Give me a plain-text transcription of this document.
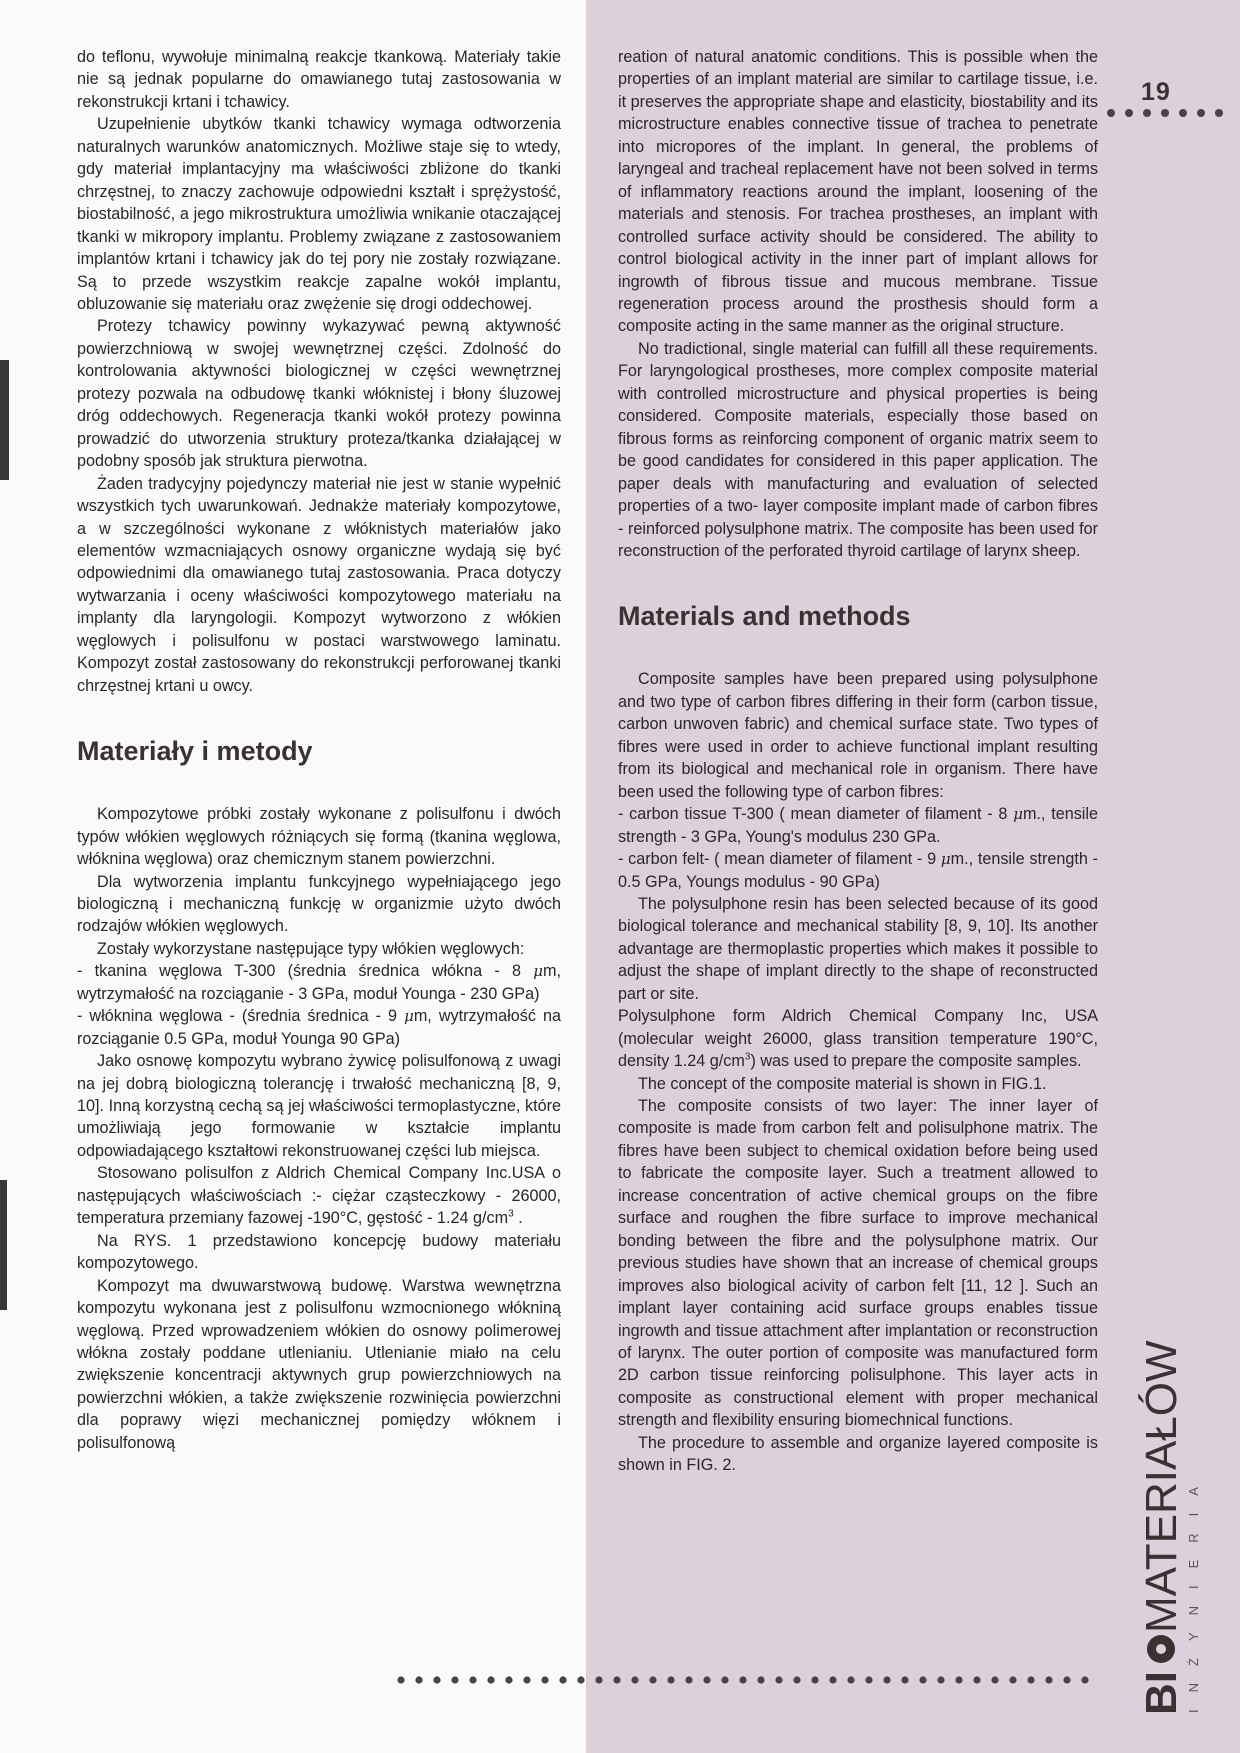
do teflonu, wywołuje minimalną reakcje tkankową. Materiały takie nie są jednak popularne do omawianego tutaj zastosowania w rekonstrukcji krtani i tchawicy.

Uzupełnienie ubytków tkanki tchawicy wymaga odtworzenia naturalnych warunków anatomicznych. Możliwe staje się to wtedy, gdy materiał implantacyjny ma właściwości zbliżone do tkanki chrzęstnej, to znaczy zachowuje odpowiedni kształt i sprężystość, biostabilność, a jego mikrostruktura umożliwia wnikanie otaczającej tkanki w mikropory implantu. Problemy związane z zastosowaniem implantów krtani i tchawicy jak do tej pory nie zostały rozwiązane. Są to przede wszystkim reakcje zapalne wokół implantu, obluzowanie się materiału oraz zwężenie się drogi oddechowej.

Protezy tchawicy powinny wykazywać pewną aktywność powierzchniową w swojej wewnętrznej części. Zdolność do kontrolowania aktywności biologicznej w części wewnętrznej protezy pozwala na odbudowę tkanki włóknistej i błony śluzowej dróg oddechowych. Regeneracja tkanki wokół protezy powinna prowadzić do utworzenia struktury proteza/tkanka działającej w podobny sposób jak struktura pierwotna.

Żaden tradycyjny pojedynczy materiał nie jest w stanie wypełnić wszystkich tych uwarunkowań. Jednakże materiały kompozytowe, a w szczególności wykonane z włóknistych materiałów jako elementów wzmacniających osnowy organiczne wydają się być odpowiednimi dla omawianego tutaj zastosowania. Praca dotyczy wytwarzania i oceny właściwości kompozytowego materiału na implanty dla laryngologii. Kompozyt wytworzono z włókien węglowych i polisulfonu w postaci warstwowego laminatu. Kompozyt został zastosowany do rekonstrukcji perforowanej tkanki chrzęstnej krtani u owcy.

Materiały i metody

Kompozytowe próbki zostały wykonane z polisulfonu i dwóch typów włókien węglowych różniących się formą (tkanina węglowa, włóknina węglowa) oraz chemicznym stanem powierzchni.

Dla wytworzenia implantu funkcyjnego wypełniającego jego biologiczną i mechaniczną funkcję w organizmie użyto dwóch rodzajów włókien węglowych.

Zostały wykorzystane następujące typy włókien węglowych:

- tkanina węglowa T-300 (średnia średnica włókna - 8 μm, wytrzymałość na rozciąganie - 3 GPa, moduł Younga - 230 GPa)

- włóknina węglowa - (średnia średnica - 9 μm, wytrzymałość na rozciąganie 0.5 GPa, moduł Younga 90 GPa)

Jako osnowę kompozytu wybrano żywicę polisulfonową z uwagi na jej dobrą biologiczną tolerancję i trwałość mechaniczną [8, 9, 10]. Inną korzystną cechą są jej właściwości termoplastyczne, które umożliwiają jego formowanie w kształcie implantu odpowiadającego kształtowi rekonstruowanej części lub miejsca.

Stosowano polisulfon z Aldrich Chemical Company Inc.USA o następujących właściwościach :- ciężar cząsteczkowy - 26000, temperatura przemiany fazowej -190°C, gęstość - 1.24 $g/cm^3$ .

Na RYS. 1 przedstawiono koncepcję budowy materiału kompozytowego.

Kompozyt ma dwuwarstwową budowę. Warstwa wewnętrzna kompozytu wykonana jest z polisulfonu wzmocnionego włókniną węglową. Przed wprowadzeniem włókien do osnowy polimerowej włókna zostały poddane utlenianiu. Utlenianie miało na celu zwiększenie koncentracji aktywnych grup powierzchniowych na powierzchni włókien, a także zwiększenie rozwinięcia powierzchni dla poprawy więzi mechanicznej pomiędzy włóknem i polisulfonową

reation of natural anatomic conditions. This is possible when the properties of an implant material are similar to cartilage tissue, i.e. it preserves the appropriate shape and elasticity, biostability and its microstructure enables connective tissue of trachea to penetrate into micropores of the implant. In general, the problems of laryngeal and tracheal replacement have not been solved in terms of inflammatory reactions around the implant, loosening of the materials and stenosis. For trachea prostheses, an implant with controlled surface activity should be considered. The ability to control biological activity in the inner part of implant allows for ingrowth of fibrous tissue and mucous membrane. Tissue regeneration process around the prosthesis should form a composite acting in the same manner as the original structure.

No tradictional, single material can fulfill all these requirements. For laryngological prostheses, more complex composite material with controlled microstructure and physical properties is being considered. Composite materials, especially those based on fibrous forms as reinforcing component of organic matrix seem to be good candidates for considered in this paper application. The paper deals with manufacturing and evaluation of selected properties of a two- layer composite implant made of carbon fibres - reinforced polysulphone matrix. The composite has been used for reconstruction of the perforated thyroid cartilage of larynx sheep.

Materials and methods

Composite samples have been prepared using polysulphone and two type of carbon fibres differing in their form (carbon tissue, carbon unwoven fabric) and chemical surface state. Two types of fibres were used in order to achieve functional implant resulting from its biological and mechanical role in organism. There have been used the following type of carbon fibres:

- carbon tissue T-300 ( mean diameter of filament - 8 μm., tensile strength - 3 GPa, Young's modulus 230 GPa.

- carbon felt- ( mean diameter of filament - 9 μm., tensile strength - 0.5 GPa, Youngs modulus - 90 GPa)

The polysulphone resin has been selected because of its good biological tolerance and mechanical stability [8, 9, 10]. Its another advantage are thermoplastic properties which makes it possible to adjust the shape of implant directly to the shape of reconstructed part or site.

Polysulphone form Aldrich Chemical Company Inc, USA (molecular weight 26000, glass transition temperature 190°C, density 1.24 $g/cm^3$) was used to prepare the composite samples.

The concept of the composite material is shown in FIG.1.

The composite consists of two layer: The inner layer of composite is made from carbon felt and polisulphone matrix. The fibres have been subject to chemical oxidation before being used to fabricate the composite layer. Such a treatment allowed to increase concentration of active chemical groups on the fibre surface and roughen the fibre surface to improve mechanical bonding between the fibre and the polysulphone matrix. Our previous studies have shown that an increase of chemical groups improves also biological acivity of carbon felt [11, 12 ]. Such an implant layer containing acid surface groups enables tissue ingrowth and tissue attachment after implantation or reconstruction of larynx. The outer portion of composite was manufactured form 2D carbon tissue reinforcing polisulphone. This layer acts in composite as constructional element with proper mechanical strength and flexibility ensuring biomechnical functions.

The procedure to assemble and organize layered composite is shown in FIG. 2.

19
BI
MATERIAŁÓW INŻYNIERIA
